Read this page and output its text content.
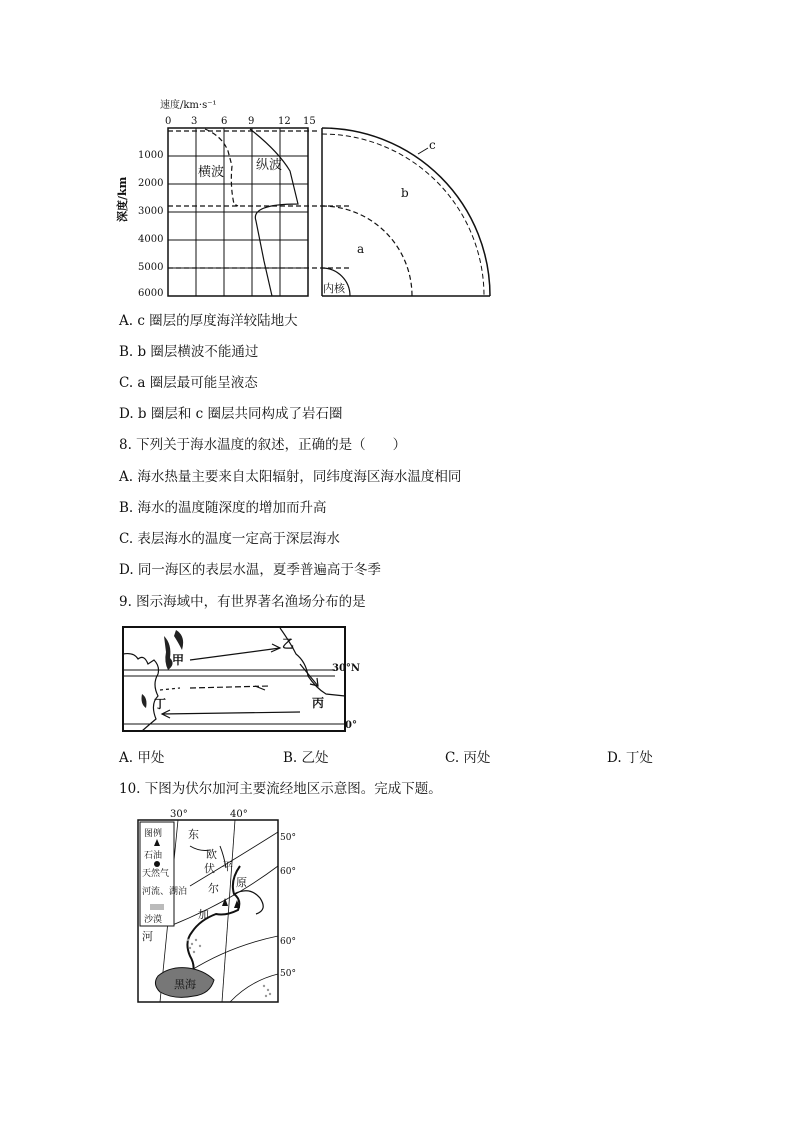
速度/km·s⁻¹
0 3 6 9 12 15
1000
2000
3000
4000
5000
6000
横波 纵波
c
b
a
内核
深度/km
A. c 圈层的厚度海洋较陆地大
B. b 圈层横波不能通过
C. a 圈层最可能呈液态
D. b 圈层和 c 圈层共同构成了岩石圈
8. 下列关于海水温度的叙述，正确的是（　　）
A. 海水热量主要来自太阳辐射，同纬度海区海水温度相同
B. 海水的温度随深度的增加而升高
C. 表层海水的温度一定高于深层海水
D. 同一海区的表层水温，夏季普遍高于冬季
9. 图示海域中，有世界著名渔场分布的是
甲
乙
丙
丁
30°N
0°
A. 甲处	B. 乙处	C. 丙处	D. 丁处
10. 下图为伏尔加河主要流经地区示意图。完成下题。
30°	40°
图例
石油
天然气
河流、湖泊
沙漠
东
欧
平
原
伏
尔
加
河
黑海
50°
60°
60°
50°
